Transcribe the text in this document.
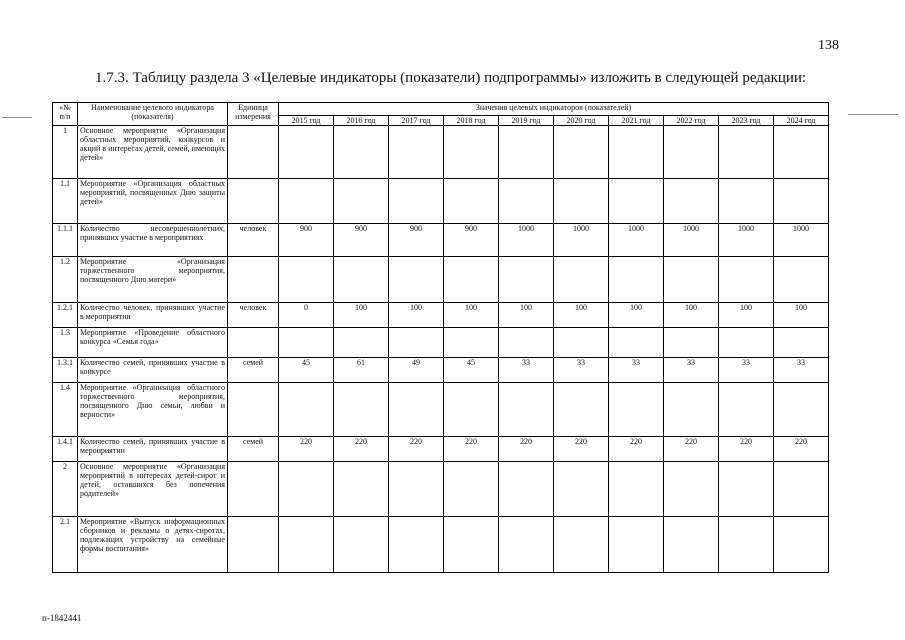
138
1.7.3. Таблицу раздела 3 «Целевые индикаторы (показатели) подпрограммы» изложить в следующей редакции:
«№ п/п	Наименование целевого индикатора (показателя)	Единица измерения	Значения целевых индикаторов (показателей)									
			2015 год	2016 год	2017 год	2018 год	2019 год	2020 год	2021 год	2022 год	2023 год	2024 год
1	Основное мероприятие «Организация областных мероприятий, конкурсов и акций в интересах детей, семей, имеющих детей»											
1.1	Мероприятие «Организация областных мероприятий, посвященных Дню защиты детей»											
1.1.1	Количество несовершеннолетних, принявших участие в мероприятиях	человек	900	900	900	900	1000	1000	1000	1000	1000	1000
1.2	Мероприятие «Организация торжественного мероприятия, посвященного Дню матери»											
1.2.1	Количество человек, принявших участие в мероприятии	человек	0	100	100	100	100	100	100	100	100	100
1.3	Мероприятие «Проведение областного конкурса «Семья года»											
1.3.1	Количество семей, принявших участие в конкурсе	семей	45	61	49	45	33	33	33	33	33	33
1.4	Мероприятие «Организация областного торжественного мероприятия, посвященного Дню семьи, любви и верности»											
1.4.1	Количество семей, принявших участие в мероприятии	семей	220	220	220	220	220	220	220	220	220	220
2	Основное мероприятие «Организация мероприятий в интересах детей-сирот и детей, оставшихся без попечения родителей»											
2.1	Мероприятие «Выпуск информационных сборников и рекламы о детях-сиротах, подлежащих устройству на семейные формы воспитания»											
п-1842441
